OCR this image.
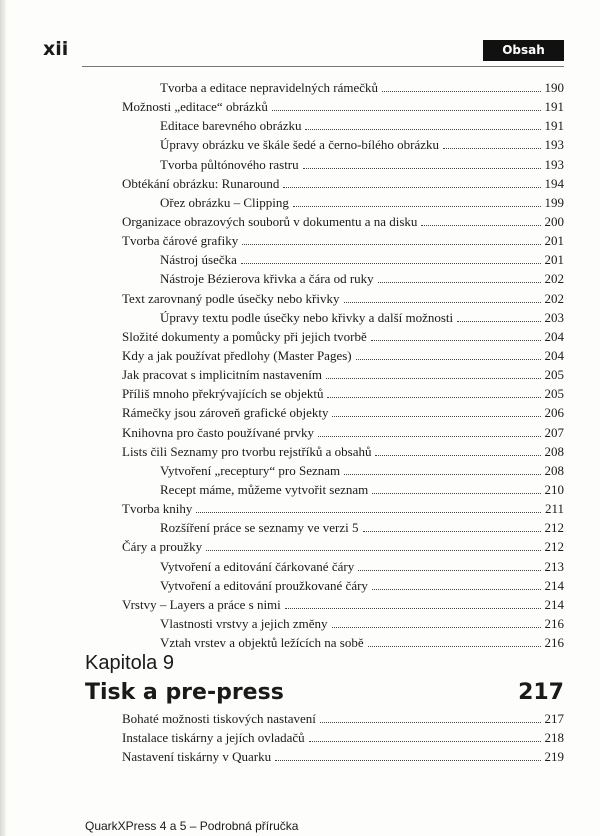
xii	Obsah
Tvorba a editace nepravidelných rámečků	190
Možnosti „editace“ obrázků	191
Editace barevného obrázku	191
Úpravy obrázku ve škále šedé a černo-bílého obrázku	193
Tvorba půltónového rastru	193
Obtékání obrázku: Runaround	194
Ořez obrázku – Clipping	199
Organizace obrazových souborů v dokumentu a na disku	200
Tvorba čárové grafiky	201
Nástroj úsečka	201
Nástroje Bézierova křivka a čára od ruky	202
Text zarovnaný podle úsečky nebo křivky	202
Úpravy textu podle úsečky nebo křivky a další možnosti	203
Složité dokumenty a pomůcky při jejich tvorbě	204
Kdy a jak používat předlohy (Master Pages)	204
Jak pracovat s implicitním nastavením	205
Příliš mnoho překrývajících se objektů	205
Rámečky jsou zároveň grafické objekty	206
Knihovna pro často používané prvky	207
Lists čili Seznamy pro tvorbu rejstříků a obsahů	208
Vytvoření „receptury“ pro Seznam	208
Recept máme, můžeme vytvořit seznam	210
Tvorba knihy	211
Rozšíření práce se seznamy ve verzi 5	212
Čáry a proužky	212
Vytvoření a editování čárkované čáry	213
Vytvoření a editování proužkované čáry	214
Vrstvy – Layers a práce s nimi	214
Vlastnosti vrstvy a jejich změny	216
Vztah vrstev a objektů ležících na sobě	216
Kapitola 9
Tisk a pre-press	217
Bohaté možnosti tiskových nastavení	217
Instalace tiskárny a jejích ovladačů	218
Nastavení tiskárny v Quarku	219
QuarkXPress 4 a 5 – Podrobná příručka
